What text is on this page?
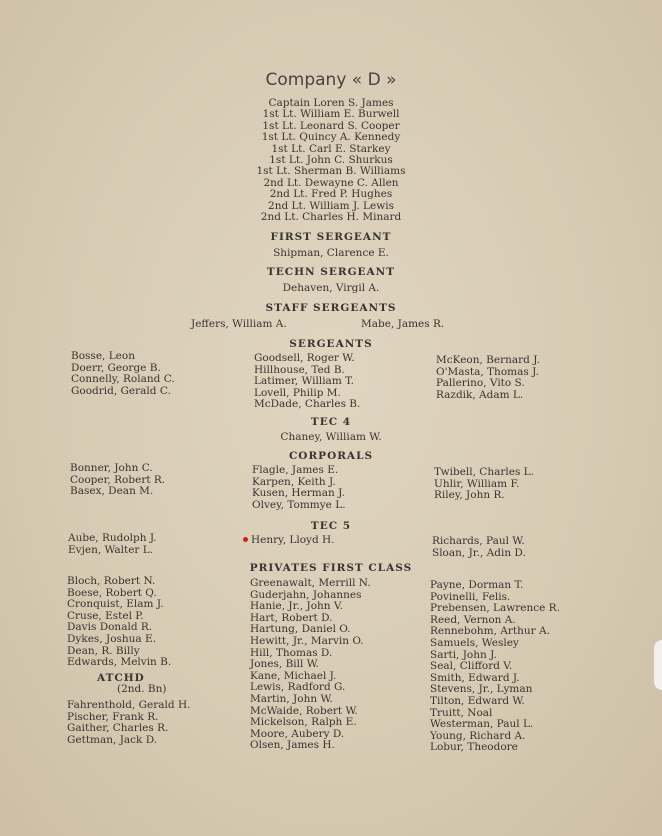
Company « D »
Captain Loren S. James
1st Lt. William E. Burwell
1st Lt. Leonard S. Cooper
1st Lt. Quincy A. Kennedy
1st Lt. Carl E. Starkey
1st Lt. John C. Shurkus
1st Lt. Sherman B. Williams
2nd Lt. Dewayne C. Allen
2nd Lt. Fred P. Hughes
2nd Lt. William J. Lewis
2nd Lt. Charles H. Minard
FIRST SERGEANT
Shipman, Clarence E.
TECHN SERGEANT
Dehaven, Virgil A.
STAFF SERGEANTS
Jeffers, William A.	Mabe, James R.
SERGEANTS
Bosse, Leon
Doerr, George B.
Connelly, Roland C.
Goodrid, Gerald C.
Goodsell, Roger W.
Hillhouse, Ted B.
Latimer, William T.
Lovell, Philip M.
McDade, Charles B.
McKeon, Bernard J.
O'Masta, Thomas J.
Pallerino, Vito S.
Razdik, Adam L.
TEC 4
Chaney, William W.
CORPORALS
Bonner, John C.
Cooper, Robert R.
Basex, Dean M.
Flagle, James E.
Karpen, Keith J.
Kusen, Herman J.
Olvey, Tommye L.
Twibell, Charles L.
Uhlir, William F.
Riley, John R.
TEC 5
Aube, Rudolph J.
Evjen, Walter L.
Henry, Lloyd H.	Richards, Paul W.
Sloan, Jr., Adin D.
PRIVATES FIRST CLASS
Bloch, Robert N.
Boese, Robert Q.
Cronquist, Elam J.
Cruse, Estel P.
Davis Donald R.
Dykes, Joshua E.
Dean, R. Billy
Edwards, Melvin B.
ATCHD
(2nd. Bn)
Fahrenthold, Gerald H.
Pischer, Frank R.
Gaither, Charles R.
Gettman, Jack D.
Greenawalt, Merrill N.
Guderjahn, Johannes
Hanie, Jr., John V.
Hart, Robert D.
Hartung, Daniel O.
Hewitt, Jr., Marvin O.
Hill, Thomas D.
Jones, Bill W.
Kane, Michael J.
Lewis, Radford G.
Martin, John W.
McWaide, Robert W.
Mickelson, Ralph E.
Moore, Aubery D.
Olsen, James H.
Payne, Dorman T.
Povinelli, Felis.
Prebensen, Lawrence R.
Reed, Vernon A.
Rennebohm, Arthur A.
Samuels, Wesley
Sarti, John J.
Seal, Clifford V.
Smith, Edward J.
Stevens, Jr., Lyman
Tilton, Edward W.
Truitt, Noal
Westerman, Paul L.
Young, Richard A.
Lobur, Theodore
